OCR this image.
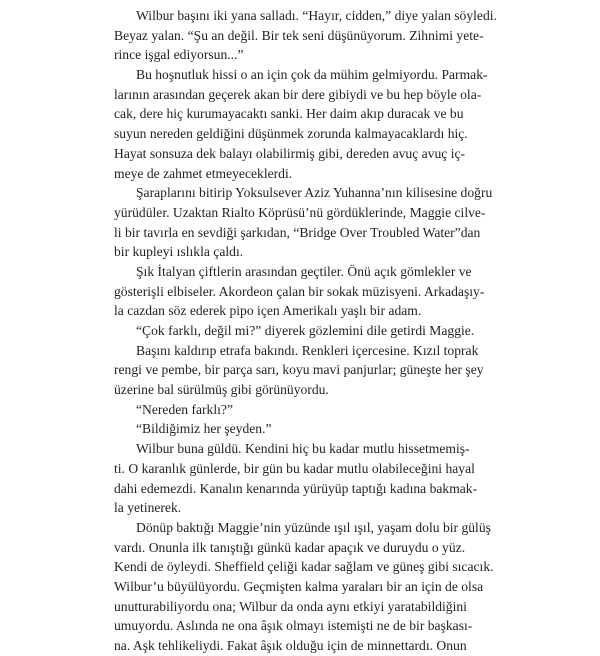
Wilbur başını iki yana salladı. “Hayır, cidden,” diye yalan söyledi.
Beyaz yalan. “Şu an değil. Bir tek seni düşünüyorum. Zihnimi yete-
rince işgal ediyorsun...”
Bu hoşnutluk hissi o an için çok da mühim gelmiyordu. Parmak-
larının arasından geçerek akan bir dere gibiydi ve bu hep böyle ola-
cak, dere hiç kurumayacaktı sanki. Her daim akıp duracak ve bu
suyun nereden geldiğini düşünmek zorunda kalmayacaklardı hiç.
Hayat sonsuza dek balayı olabilirmiş gibi, dereden avuç avuç iç-
meye de zahmet etmeyeceklerdi.
Şaraplarını bitirip Yoksulsever Aziz Yuhanna’nın kilisesine doğru
yürüdüler. Uzaktan Rialto Köprüsü’nü gördüklerinde, Maggie cilve-
li bir tavırla en sevdiği şarkıdan, “Bridge Over Troubled Water”dan
bir kupleyi ıslıkla çaldı.
Şık İtalyan çiftlerin arasından geçtiler. Önü açık gömlekler ve
gösterişli elbiseler. Akordeon çalan bir sokak müzisyeni. Arkadaşıy-
la cazdan söz ederek pipo içen Amerikalı yaşlı bir adam.
“Çok farklı, değil mi?” diyerek gözlemini dile getirdi Maggie.
Başını kaldırıp etrafa bakındı. Renkleri içercesine. Kızıl toprak
rengi ve pembe, bir parça sarı, koyu mavi panjurlar; güneşte her şey
üzerine bal sürülmüş gibi görünüyordu.
“Nereden farklı?”
“Bildiğimiz her şeyden.”
Wilbur buna güldü. Kendini hiç bu kadar mutlu hissetmemiş-
ti. O karanlık günlerde, bir gün bu kadar mutlu olabileceğini hayal
dahi edemezdi. Kanalın kenarında yürüyüp taptığı kadına bakmak-
la yetinerek.
Dönüp baktığı Maggie’nin yüzünde ışıl ışıl, yaşam dolu bir gülüş
vardı. Onunla ilk tanıştığı günkü kadar apaçık ve duruydu o yüz.
Kendi de öyleydi. Sheffield çeliği kadar sağlam ve güneş gibi sıcacık.
Wilbur’u büyülüyordu. Geçmişten kalma yaraları bir an için de olsa
unutturabiliyordu ona; Wilbur da onda aynı etkiyi yaratabildiğini
umuyordu. Aslında ne ona âşık olmayı istemişti ne de bir başkası-
na. Aşk tehlikeliydi. Fakat âşık olduğu için de minnettardı. Onun
